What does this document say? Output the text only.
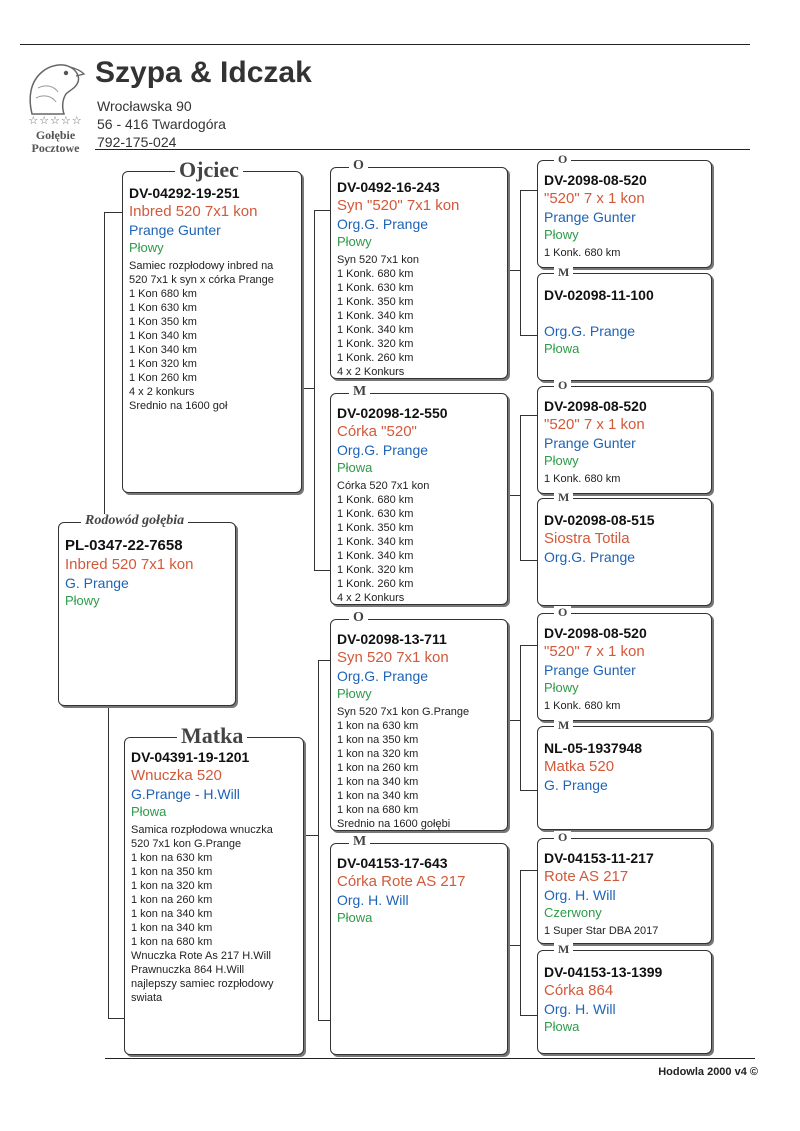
☆☆☆☆☆
Gołębie
Pocztowe
Szypa & Idczak
Wrocławska 90
56 - 416 Twardogóra
792-175-024
Rodowód gołębia
PL-0347-22-7658
Inbred 520 7x1 kon
G. Prange
Płowy
Ojciec
DV-04292-19-251
Inbred 520 7x1 kon
Prange Gunter
Płowy
Samiec rozpłodowy inbred na
520 7x1 k syn x córka Prange
1 Kon 680 km
1 Kon 630 km
1 Kon 350 km
1 Kon 340 km
1 Kon 340 km
1 Kon 320 km
1 Kon 260 km
4 x 2 konkurs
Srednio na 1600 goł
Matka
DV-04391-19-1201
Wnuczka 520
G.Prange - H.Will
Płowa
Samica rozpłodowa wnuczka
520 7x1 kon G.Prange
1 kon na 630 km
1 kon na 350 km
1 kon na 320 km
1 kon na 260 km
1 kon na 340 km
1 kon na 340 km
1 kon na 680 km
Wnuczka Rote As 217 H.Will
Prawnuczka 864 H.Will
najlepszy samiec rozpłodowy
swiata
O
DV-0492-16-243
Syn "520" 7x1 kon
Org.G. Prange
Płowy
Syn 520 7x1 kon
1 Konk. 680 km
1 Konk. 630 km
1 Konk. 350 km
1 Konk. 340 km
1 Konk. 340 km
1 Konk. 320 km
1 Konk. 260 km
4 x 2 Konkurs
M
DV-02098-12-550
Córka "520"
Org.G. Prange
Płowa
Córka 520 7x1 kon
1 Konk. 680 km
1 Konk. 630 km
1 Konk. 350 km
1 Konk. 340 km
1 Konk. 340 km
1 Konk. 320 km
1 Konk. 260 km
4 x 2 Konkurs
O
DV-02098-13-711
Syn 520 7x1 kon
Org.G. Prange
Płowy
Syn 520 7x1 kon G.Prange
1 kon na 630 km
1 kon na 350 km
1 kon na 320 km
1 kon na 260 km
1 kon na 340 km
1 kon na 340 km
1 kon na 680 km
Srednio na 1600 gołębi
M
DV-04153-17-643
Córka Rote AS 217
Org. H. Will
Płowa
O
DV-2098-08-520
"520" 7 x 1 kon
Prange Gunter
Płowy
1 Konk. 680 km
M
DV-02098-11-100
Org.G. Prange
Płowa
O
DV-2098-08-520
"520" 7 x 1 kon
Prange Gunter
Płowy
1 Konk. 680 km
M
DV-02098-08-515
Siostra Totila
Org.G. Prange
O
DV-2098-08-520
"520" 7 x 1 kon
Prange Gunter
Płowy
1 Konk. 680 km
M
NL-05-1937948
Matka 520
G. Prange
O
DV-04153-11-217
Rote AS 217
Org. H. Will
Czerwony
1 Super Star DBA 2017
M
DV-04153-13-1399
Córka 864
Org. H. Will
Płowa
Hodowla 2000 v4 ©
